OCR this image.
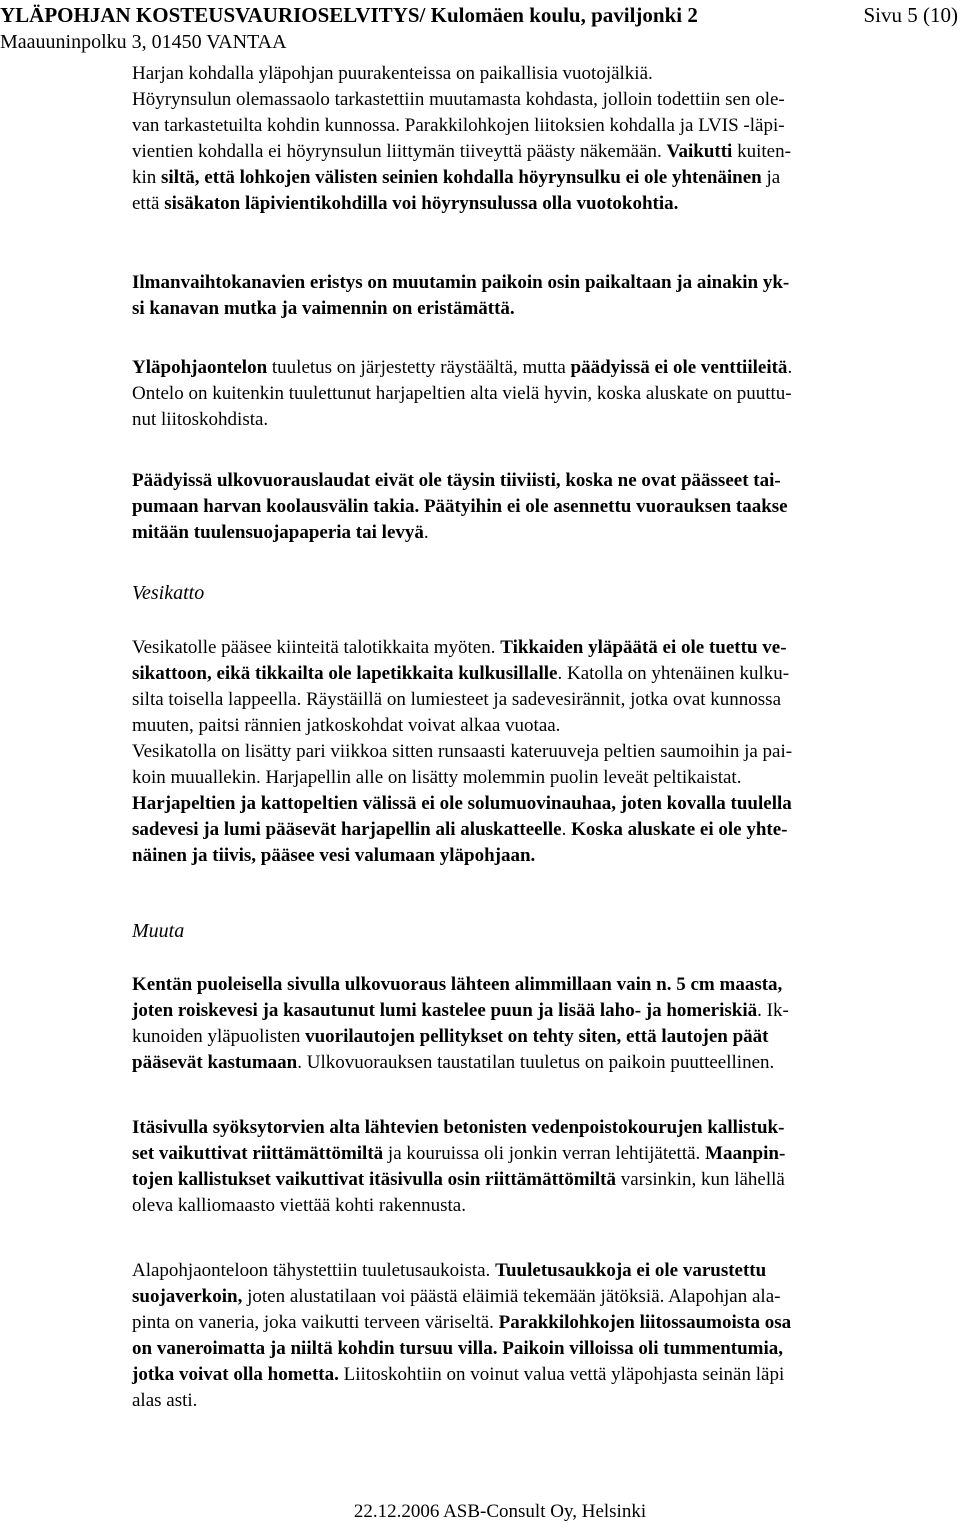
YLÄPOHJAN KOSTEUSVAURIOSELVITYS/ Kulomäen koulu, paviljonki 2	Sivu 5 (10)
Maauuninpolku 3, 01450 VANTAA
Harjan kohdalla yläpohjan puurakenteissa on paikallisia vuotojälkiä.
Höyrynsulun olemassaolo tarkastettiin muutamasta kohdasta, jolloin todettiin sen ole-
van tarkastetuilta kohdin kunnossa. Parakkilohkojen liitoksien kohdalla ja LVIS -läpi-
vientien kohdalla ei höyrynsulun liittymän tiiveyttä päästy näkemään. Vaikutti kuiten-
kin siltä, että lohkojen välisten seinien kohdalla höyrynsulku ei ole yhtenäinen ja
että sisäkaton läpivientikohdilla voi höyrynsulussa olla vuotokohtia.
Ilmanvaihtokanavien eristys on muutamin paikoin osin paikaltaan ja ainakin yk-
si kanavan mutka ja vaimennin on eristämättä.
Yläpohjaontelon tuuletus on järjestetty räystäältä, mutta päädyissä ei ole venttiileitä.
Ontelo on kuitenkin tuulettunut harjapeltien alta vielä hyvin, koska aluskate on puuttu-
nut liitoskohdista.
Päädyissä ulkovuorauslaudat eivät ole täysin tiiviisti, koska ne ovat päässeet tai-
pumaan harvan koolausvälin takia. Päätyihin ei ole asennettu vuorauksen taakse
mitään tuulensuojapaperia tai levyä.
Vesikatto
Vesikatolle pääsee kiinteitä talotikkaita myöten. Tikkaiden yläpäätä ei ole tuettu ve-
sikattoon, eikä tikkailta ole lapetikkaita kulkusillalle. Katolla on yhtenäinen kulku-
silta toisella lappeella. Räystäillä on lumiesteet ja sadevesirännit, jotka ovat kunnossa
muuten, paitsi rännien jatkoskohdat voivat alkaa vuotaa.
Vesikatolla on lisätty pari viikkoa sitten runsaasti kateruuveja peltien saumoihin ja pai-
koin muuallekin. Harjapellin alle on lisätty molemmin puolin leveät peltikaistat.
Harjapeltien ja kattopeltien välissä ei ole solumuovinauhaa, joten kovalla tuulella
sadevesi ja lumi pääsevät harjapellin ali aluskatteelle. Koska aluskate ei ole yhte-
näinen ja tiivis, pääsee vesi valumaan yläpohjaan.
Muuta
Kentän puoleisella sivulla ulkovuoraus lähteen alimmillaan vain n. 5 cm maasta,
joten roiskevesi ja kasautunut lumi kastelee puun ja lisää laho- ja homeriskiä. Ik-
kunoiden yläpuolisten vuorilautojen pellitykset on tehty siten, että lautojen päät
pääsevät kastumaan. Ulkovuorauksen taustatilan tuuletus on paikoin puutteellinen.
Itäsivulla syöksytorvien alta lähtevien betonisten vedenpoistokourujen kallistuk-
set vaikuttivat riittämättömiltä ja kouruissa oli jonkin verran lehtijätettä. Maanpin-
tojen kallistukset vaikuttivat itäsivulla osin riittämättömiltä varsinkin, kun lähellä
oleva kalliomaasto viettää kohti rakennusta.
Alapohjaonteloon tähystettiin tuuletusaukoista. Tuuletusaukkoja ei ole varustettu
suojaverkoin, joten alustatilaan voi päästä eläimiä tekemään jätöksiä. Alapohjan ala-
pinta on vaneria, joka vaikutti terveen väriseltä. Parakkilohkojen liitossaumoista osa
on vaneroimatta ja niiltä kohdin tursuu villa. Paikoin villoissa oli tummentumia,
jotka voivat olla hometta. Liitoskohtiin on voinut valua vettä yläpohjasta seinän läpi
alas asti.
22.12.2006 ASB-Consult Oy, Helsinki
